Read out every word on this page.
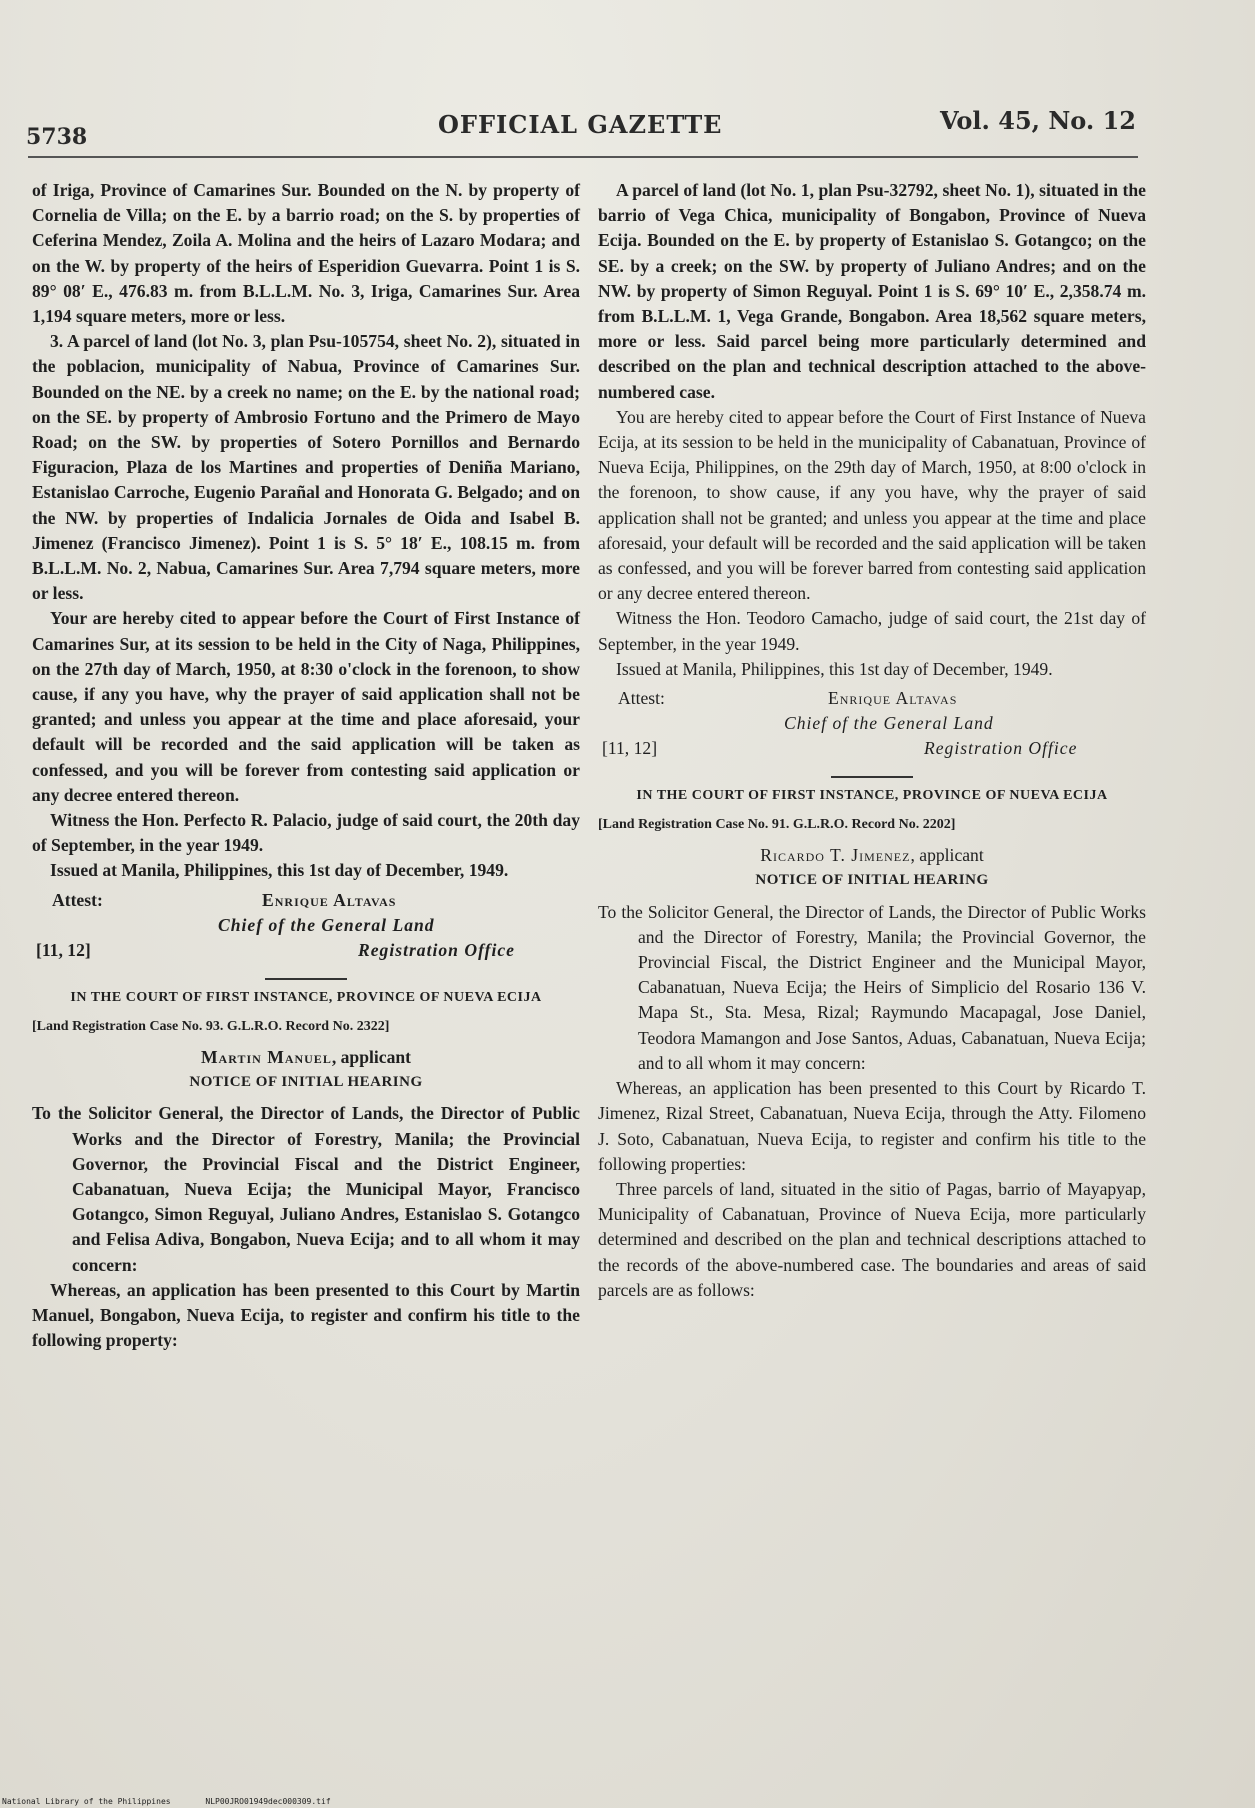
5738	OFFICIAL GAZETTE	Vol. 45, No. 12

of Iriga, Province of Camarines Sur. Bounded on the N. by property of Cornelia de Villa; on the E. by a barrio road; on the S. by properties of Ceferina Mendez, Zoila A. Molina and the heirs of Lazaro Modara; and on the W. by property of the heirs of Esperidion Guevarra. Point 1 is S. 89° 08′ E., 476.83 m. from B.L.L.M. No. 3, Iriga, Camarines Sur. Area 1,194 square meters, more or less.

3. A parcel of land (lot No. 3, plan Psu-105754, sheet No. 2), situated in the poblacion, municipality of Nabua, Province of Camarines Sur. Bounded on the NE. by a creek no name; on the E. by the national road; on the SE. by property of Ambrosio Fortuno and the Primero de Mayo Road; on the SW. by properties of Sotero Pornillos and Bernardo Figuracion, Plaza de los Martines and properties of Deniña Mariano, Estanislao Carroche, Eugenio Parañal and Honorata G. Belgado; and on the NW. by properties of Indalicia Jornales de Oida and Isabel B. Jimenez (Francisco Jimenez). Point 1 is S. 5° 18′ E., 108.15 m. from B.L.L.M. No. 2, Nabua, Camarines Sur. Area 7,794 square meters, more or less.

Your are hereby cited to appear before the Court of First Instance of Camarines Sur, at its session to be held in the City of Naga, Philippines, on the 27th day of March, 1950, at 8:30 o'clock in the forenoon, to show cause, if any you have, why the prayer of said application shall not be granted; and unless you appear at the time and place aforesaid, your default will be recorded and the said application will be taken as confessed, and you will be forever from contesting said application or any decree entered thereon.

Witness the Hon. Perfecto R. Palacio, judge of said court, the 20th day of September, in the year 1949.

Issued at Manila, Philippines, this 1st day of December, 1949.

Attest:	Enrique Altavas
Chief of the General Land
[11, 12]	Registration Office
IN THE COURT OF FIRST INSTANCE, PROVINCE OF NUEVA ECIJA
[Land Registration Case No. 93. G.L.R.O. Record No. 2322]
Martin Manuel, applicant
NOTICE OF INITIAL HEARING

To the Solicitor General, the Director of Lands, the Director of Public Works and the Director of Forestry, Manila; the Provincial Governor, the Provincial Fiscal and the District Engineer, Cabanatuan, Nueva Ecija; the Municipal Mayor, Francisco Gotangco, Simon Reguyal, Juliano Andres, Estanislao S. Gotangco and Felisa Adiva, Bongabon, Nueva Ecija; and to all whom it may concern:

Whereas, an application has been presented to this Court by Martin Manuel, Bongabon, Nueva Ecija, to register and confirm his title to the following property:

A parcel of land (lot No. 1, plan Psu-32792, sheet No. 1), situated in the barrio of Vega Chica, municipality of Bongabon, Province of Nueva Ecija. Bounded on the E. by property of Estanislao S. Gotangco; on the SE. by a creek; on the SW. by property of Juliano Andres; and on the NW. by property of Simon Reguyal. Point 1 is S. 69° 10′ E., 2,358.74 m. from B.L.L.M. 1, Vega Grande, Bongabon. Area 18,562 square meters, more or less. Said parcel being more particularly determined and described on the plan and technical description attached to the above-numbered case.

You are hereby cited to appear before the Court of First Instance of Nueva Ecija, at its session to be held in the municipality of Cabanatuan, Province of Nueva Ecija, Philippines, on the 29th day of March, 1950, at 8:00 o'clock in the forenoon, to show cause, if any you have, why the prayer of said application shall not be granted; and unless you appear at the time and place aforesaid, your default will be recorded and the said application will be taken as confessed, and you will be forever barred from contesting said application or any decree entered thereon.

Witness the Hon. Teodoro Camacho, judge of said court, the 21st day of September, in the year 1949.

Issued at Manila, Philippines, this 1st day of December, 1949.

Attest:	Enrique Altavas
Chief of the General Land
[11, 12]	Registration Office
IN THE COURT OF FIRST INSTANCE, PROVINCE OF NUEVA ECIJA
[Land Registration Case No. 91. G.L.R.O. Record No. 2202]
Ricardo T. Jimenez, applicant
NOTICE OF INITIAL HEARING

To the Solicitor General, the Director of Lands, the Director of Public Works and the Director of Forestry, Manila; the Provincial Governor, the Provincial Fiscal, the District Engineer and the Municipal Mayor, Cabanatuan, Nueva Ecija; the Heirs of Simplicio del Rosario 136 V. Mapa St., Sta. Mesa, Rizal; Raymundo Macapagal, Jose Daniel, Teodora Mamangon and Jose Santos, Aduas, Cabanatuan, Nueva Ecija; and to all whom it may concern:

Whereas, an application has been presented to this Court by Ricardo T. Jimenez, Rizal Street, Cabanatuan, Nueva Ecija, through the Atty. Filomeno J. Soto, Cabanatuan, Nueva Ecija, to register and confirm his title to the following properties:

Three parcels of land, situated in the sitio of Pagas, barrio of Mayapyap, Municipality of Cabanatuan, Province of Nueva Ecija, more particularly determined and described on the plan and technical descriptions attached to the records of the above-numbered case. The boundaries and areas of said parcels are as follows:

National Library of the Philippines	NLP00JRO01949dec000309.tif
